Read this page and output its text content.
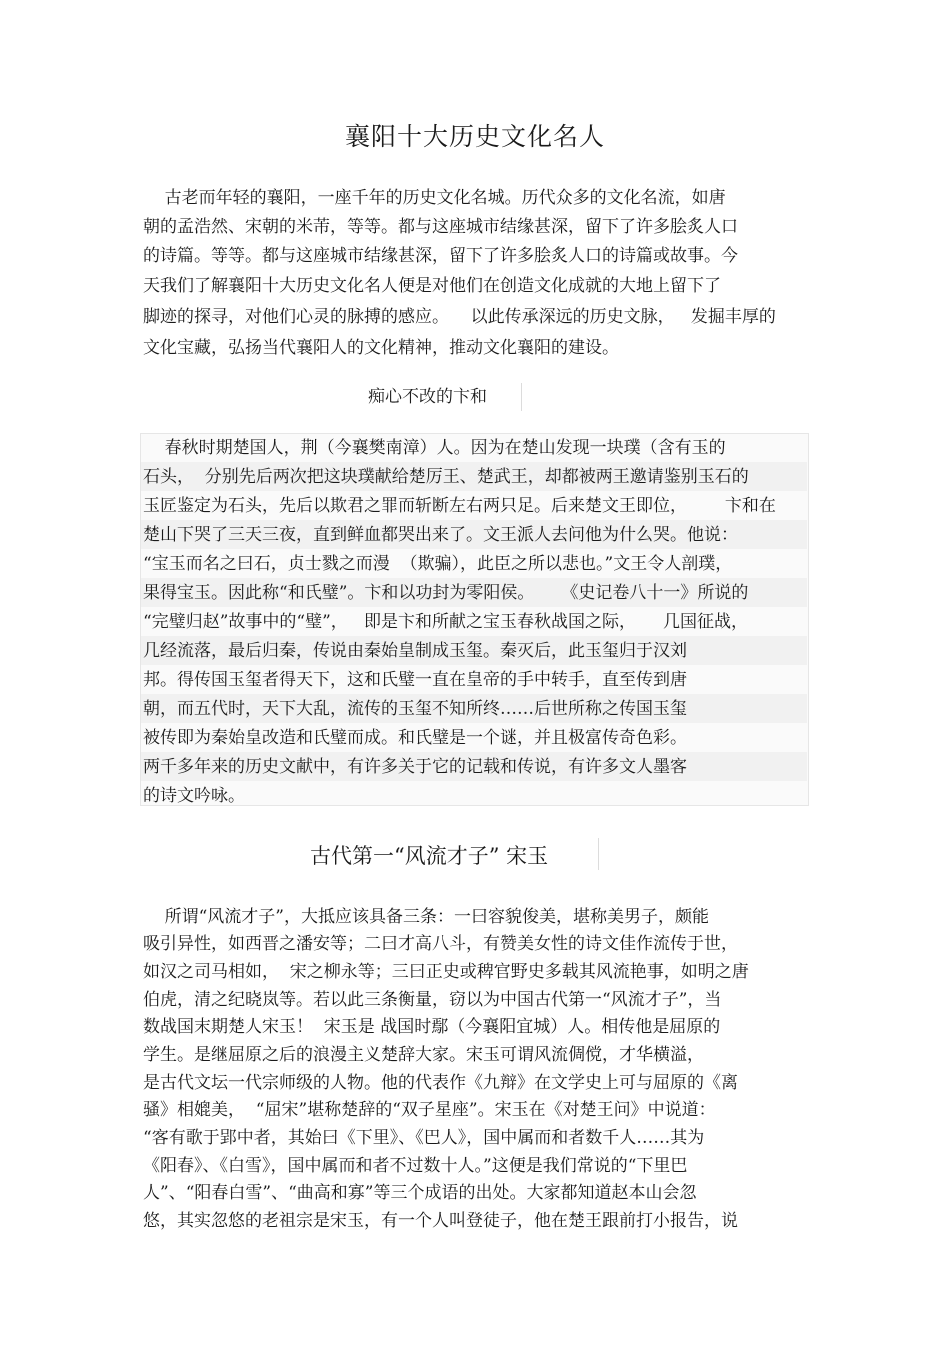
襄阳十大历史文化名人
古老而年轻的襄阳，一座千年的历史文化名城。历代众多的文化名流，如唐
朝的孟浩然、宋朝的米芾，等等。都与这座城市结缘甚深，留下了许多脍炙人口
的诗篇。等等。都与这座城市结缘甚深，留下了许多脍炙人口的诗篇或故事。今
天我们了解襄阳十大历史文化名人便是对他们在创造文化成就的大地上留下了
脚迹的探寻，对他们心灵的脉搏的感应。    以此传承深远的历史文脉，   发掘丰厚的
文化宝藏，弘扬当代襄阳人的文化精神，推动文化襄阳的建设。
痴心不改的卞和
春秋时期楚国人，荆（今襄樊南漳）人。因为在楚山发现一块璞（含有玉的
石头，  分别先后两次把这块璞献给楚厉王、楚武王，却都被两王邀请鉴别玉石的
玉匠鉴定为石头，先后以欺君之罪而斩断左右两只足。后来楚文王即位，       卞和在
楚山下哭了三天三夜，直到鲜血都哭出来了。文王派人去问他为什么哭。他说：
“宝玉而名之曰石，贞士戮之而漫  （欺骗），此臣之所以悲也。”文王令人剖璞，
果得宝玉。因此称“和氏璧”。卞和以功封为零阳侯。     《史记卷八十一》所说的
“完璧归赵”故事中的“璧”，   即是卞和所献之宝玉春秋战国之际，     几国征战，
几经流落，最后归秦，传说由秦始皇制成玉玺。秦灭后，此玉玺归于汉刘
邦。得传国玉玺者得天下，这和氏璧一直在皇帝的手中转手，直至传到唐
朝，而五代时，天下大乱，流传的玉玺不知所终……后世所称之传国玉玺
被传即为秦始皇改造和氏璧而成。和氏璧是一个谜，并且极富传奇色彩。
两千多年来的历史文献中，有许多关于它的记载和传说，有许多文人墨客
的诗文吟咏。
古代第一“风流才子” 宋玉
所谓“风流才子”，大抵应该具备三条：一曰容貌俊美，堪称美男子，颇能
吸引异性，如西晋之潘安等；二曰才高八斗，有赞美女性的诗文佳作流传于世，
如汉之司马相如，  宋之柳永等；三曰正史或稗官野史多载其风流艳事，如明之唐
伯虎，清之纪晓岚等。若以此三条衡量，窃以为中国古代第一“风流才子”，当
数战国末期楚人宋玉！  宋玉是 战国时鄢（今襄阳宜城）人。相传他是屈原的
学生。是继屈原之后的浪漫主义楚辞大家。宋玉可谓风流倜傥，才华横溢，
是古代文坛一代宗师级的人物。他的代表作《九辩》在文学史上可与屈原的《离
骚》相媲美，  “屈宋”堪称楚辞的“双子星座”。宋玉在《对楚王问》中说道：
“客有歌于郢中者，其始曰《下里》、《巴人》，国中属而和者数千人……其为
《阳春》、《白雪》，国中属而和者不过数十人。”这便是我们常说的“下里巴
人”、“阳春白雪”、“曲高和寡”等三个成语的出处。大家都知道赵本山会忽
悠，其实忽悠的老祖宗是宋玉，有一个人叫登徒子，他在楚王跟前打小报告，说
